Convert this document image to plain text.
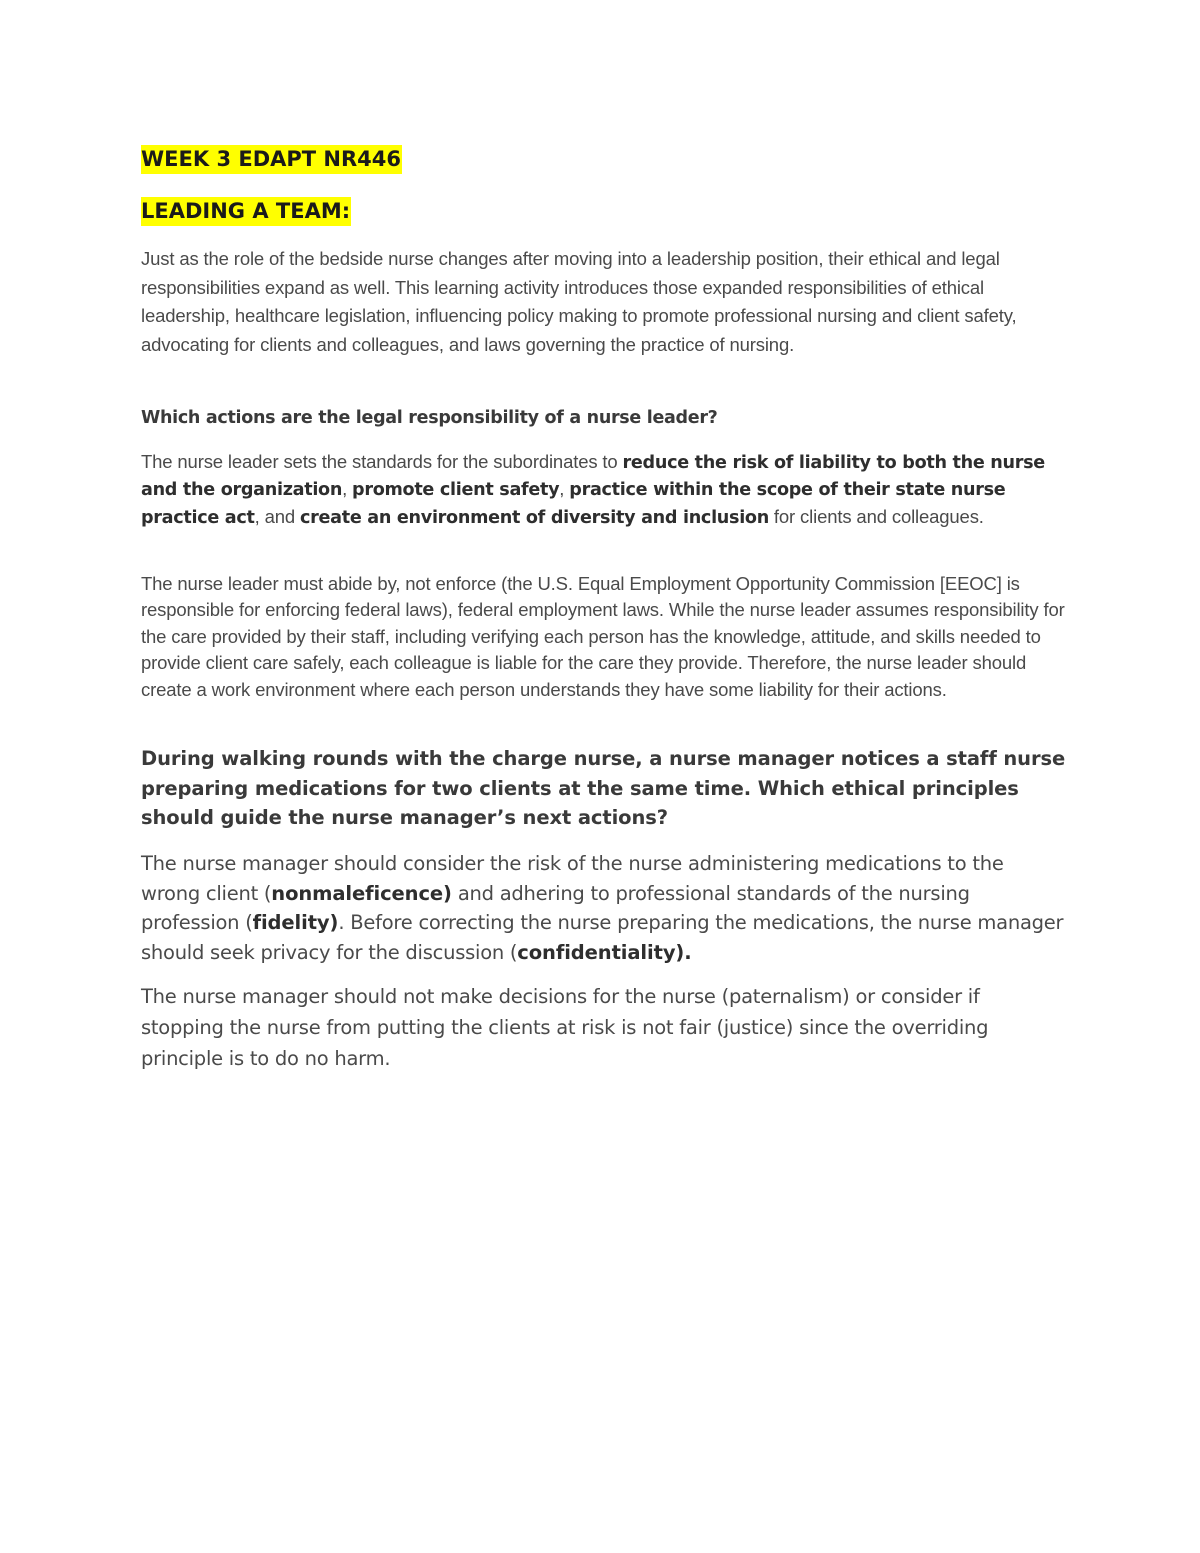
WEEK 3 EDAPT NR446

LEADING A TEAM:

Just as the role of the bedside nurse changes after moving into a leadership position, their ethical and legal responsibilities expand as well. This learning activity introduces those expanded responsibilities of ethical leadership, healthcare legislation, influencing policy making to promote professional nursing and client safety, advocating for clients and colleagues, and laws governing the practice of nursing.

Which actions are the legal responsibility of a nurse leader?

The nurse leader sets the standards for the subordinates to reduce the risk of liability to both the nurse and the organization, promote client safety, practice within the scope of their state nurse practice act, and create an environment of diversity and inclusion for clients and colleagues.

The nurse leader must abide by, not enforce (the U.S. Equal Employment Opportunity Commission [EEOC] is responsible for enforcing federal laws), federal employment laws. While the nurse leader assumes responsibility for the care provided by their staff, including verifying each person has the knowledge, attitude, and skills needed to provide client care safely, each colleague is liable for the care they provide. Therefore, the nurse leader should create a work environment where each person understands they have some liability for their actions.

During walking rounds with the charge nurse, a nurse manager notices a staff nurse preparing medications for two clients at the same time. Which ethical principles should guide the nurse manager’s next actions?

The nurse manager should consider the risk of the nurse administering medications to the wrong client (nonmaleficence) and adhering to professional standards of the nursing profession (fidelity). Before correcting the nurse preparing the medications, the nurse manager should seek privacy for the discussion (confidentiality).

The nurse manager should not make decisions for the nurse (paternalism) or consider if stopping the nurse from putting the clients at risk is not fair (justice) since the overriding principle is to do no harm.
